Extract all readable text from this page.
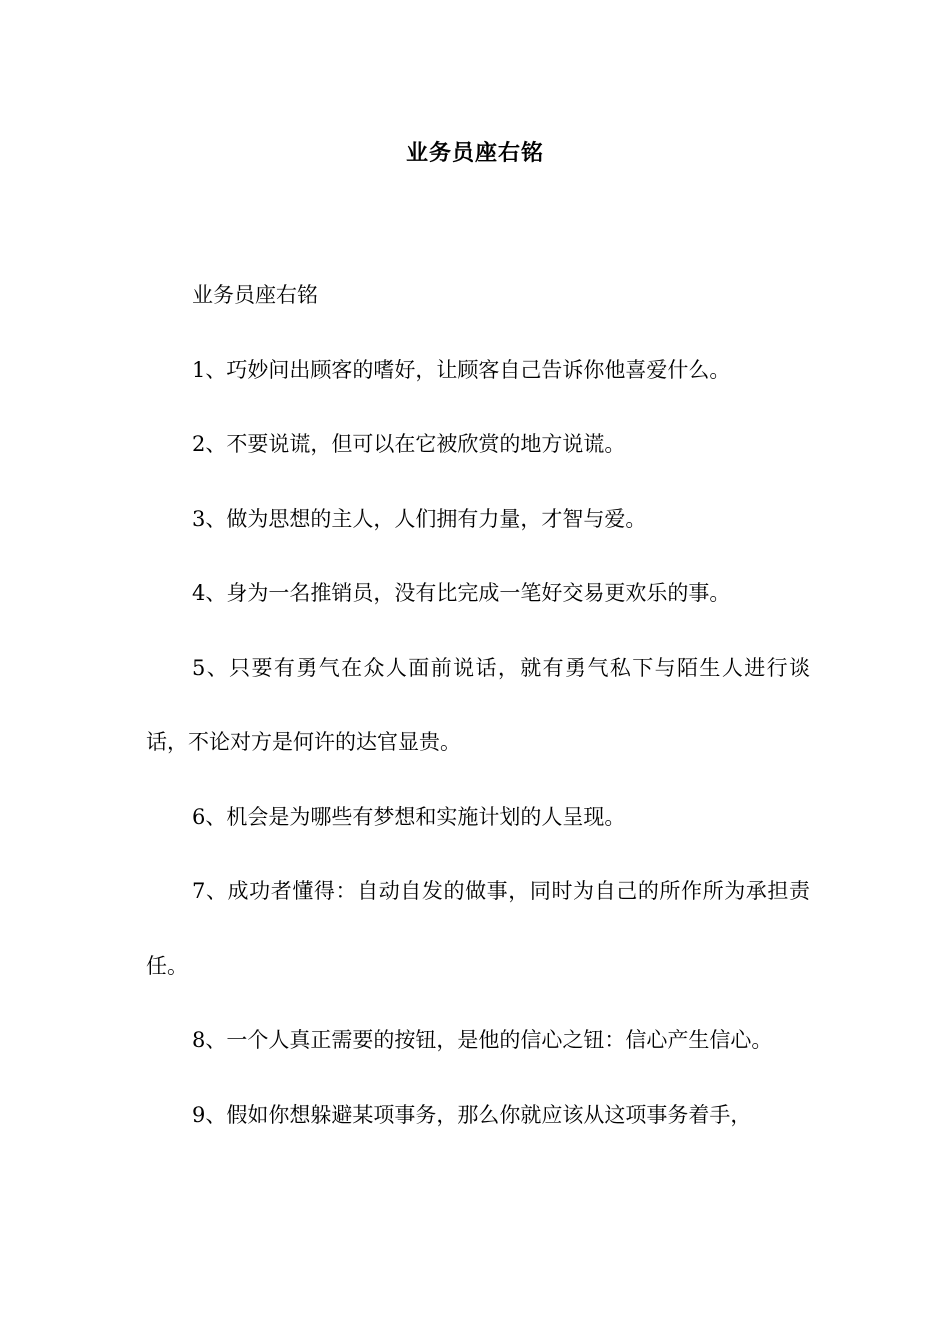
业务员座右铭

业务员座右铭

1、巧妙问出顾客的嗜好，让顾客自己告诉你他喜爱什么。

2、不要说谎，但可以在它被欣赏的地方说谎。

3、做为思想的主人，人们拥有力量，才智与爱。

4、身为一名推销员，没有比完成一笔好交易更欢乐的事。

5、只要有勇气在众人面前说话，就有勇气私下与陌生人进行谈话，不论对方是何许的达官显贵。

6、机会是为哪些有梦想和实施计划的人呈现。

7、成功者懂得：自动自发的做事，同时为自己的所作所为承担责任。

8、一个人真正需要的按钮，是他的信心之钮：信心产生信心。

9、假如你想躲避某项事务，那么你就应该从这项事务着手，
